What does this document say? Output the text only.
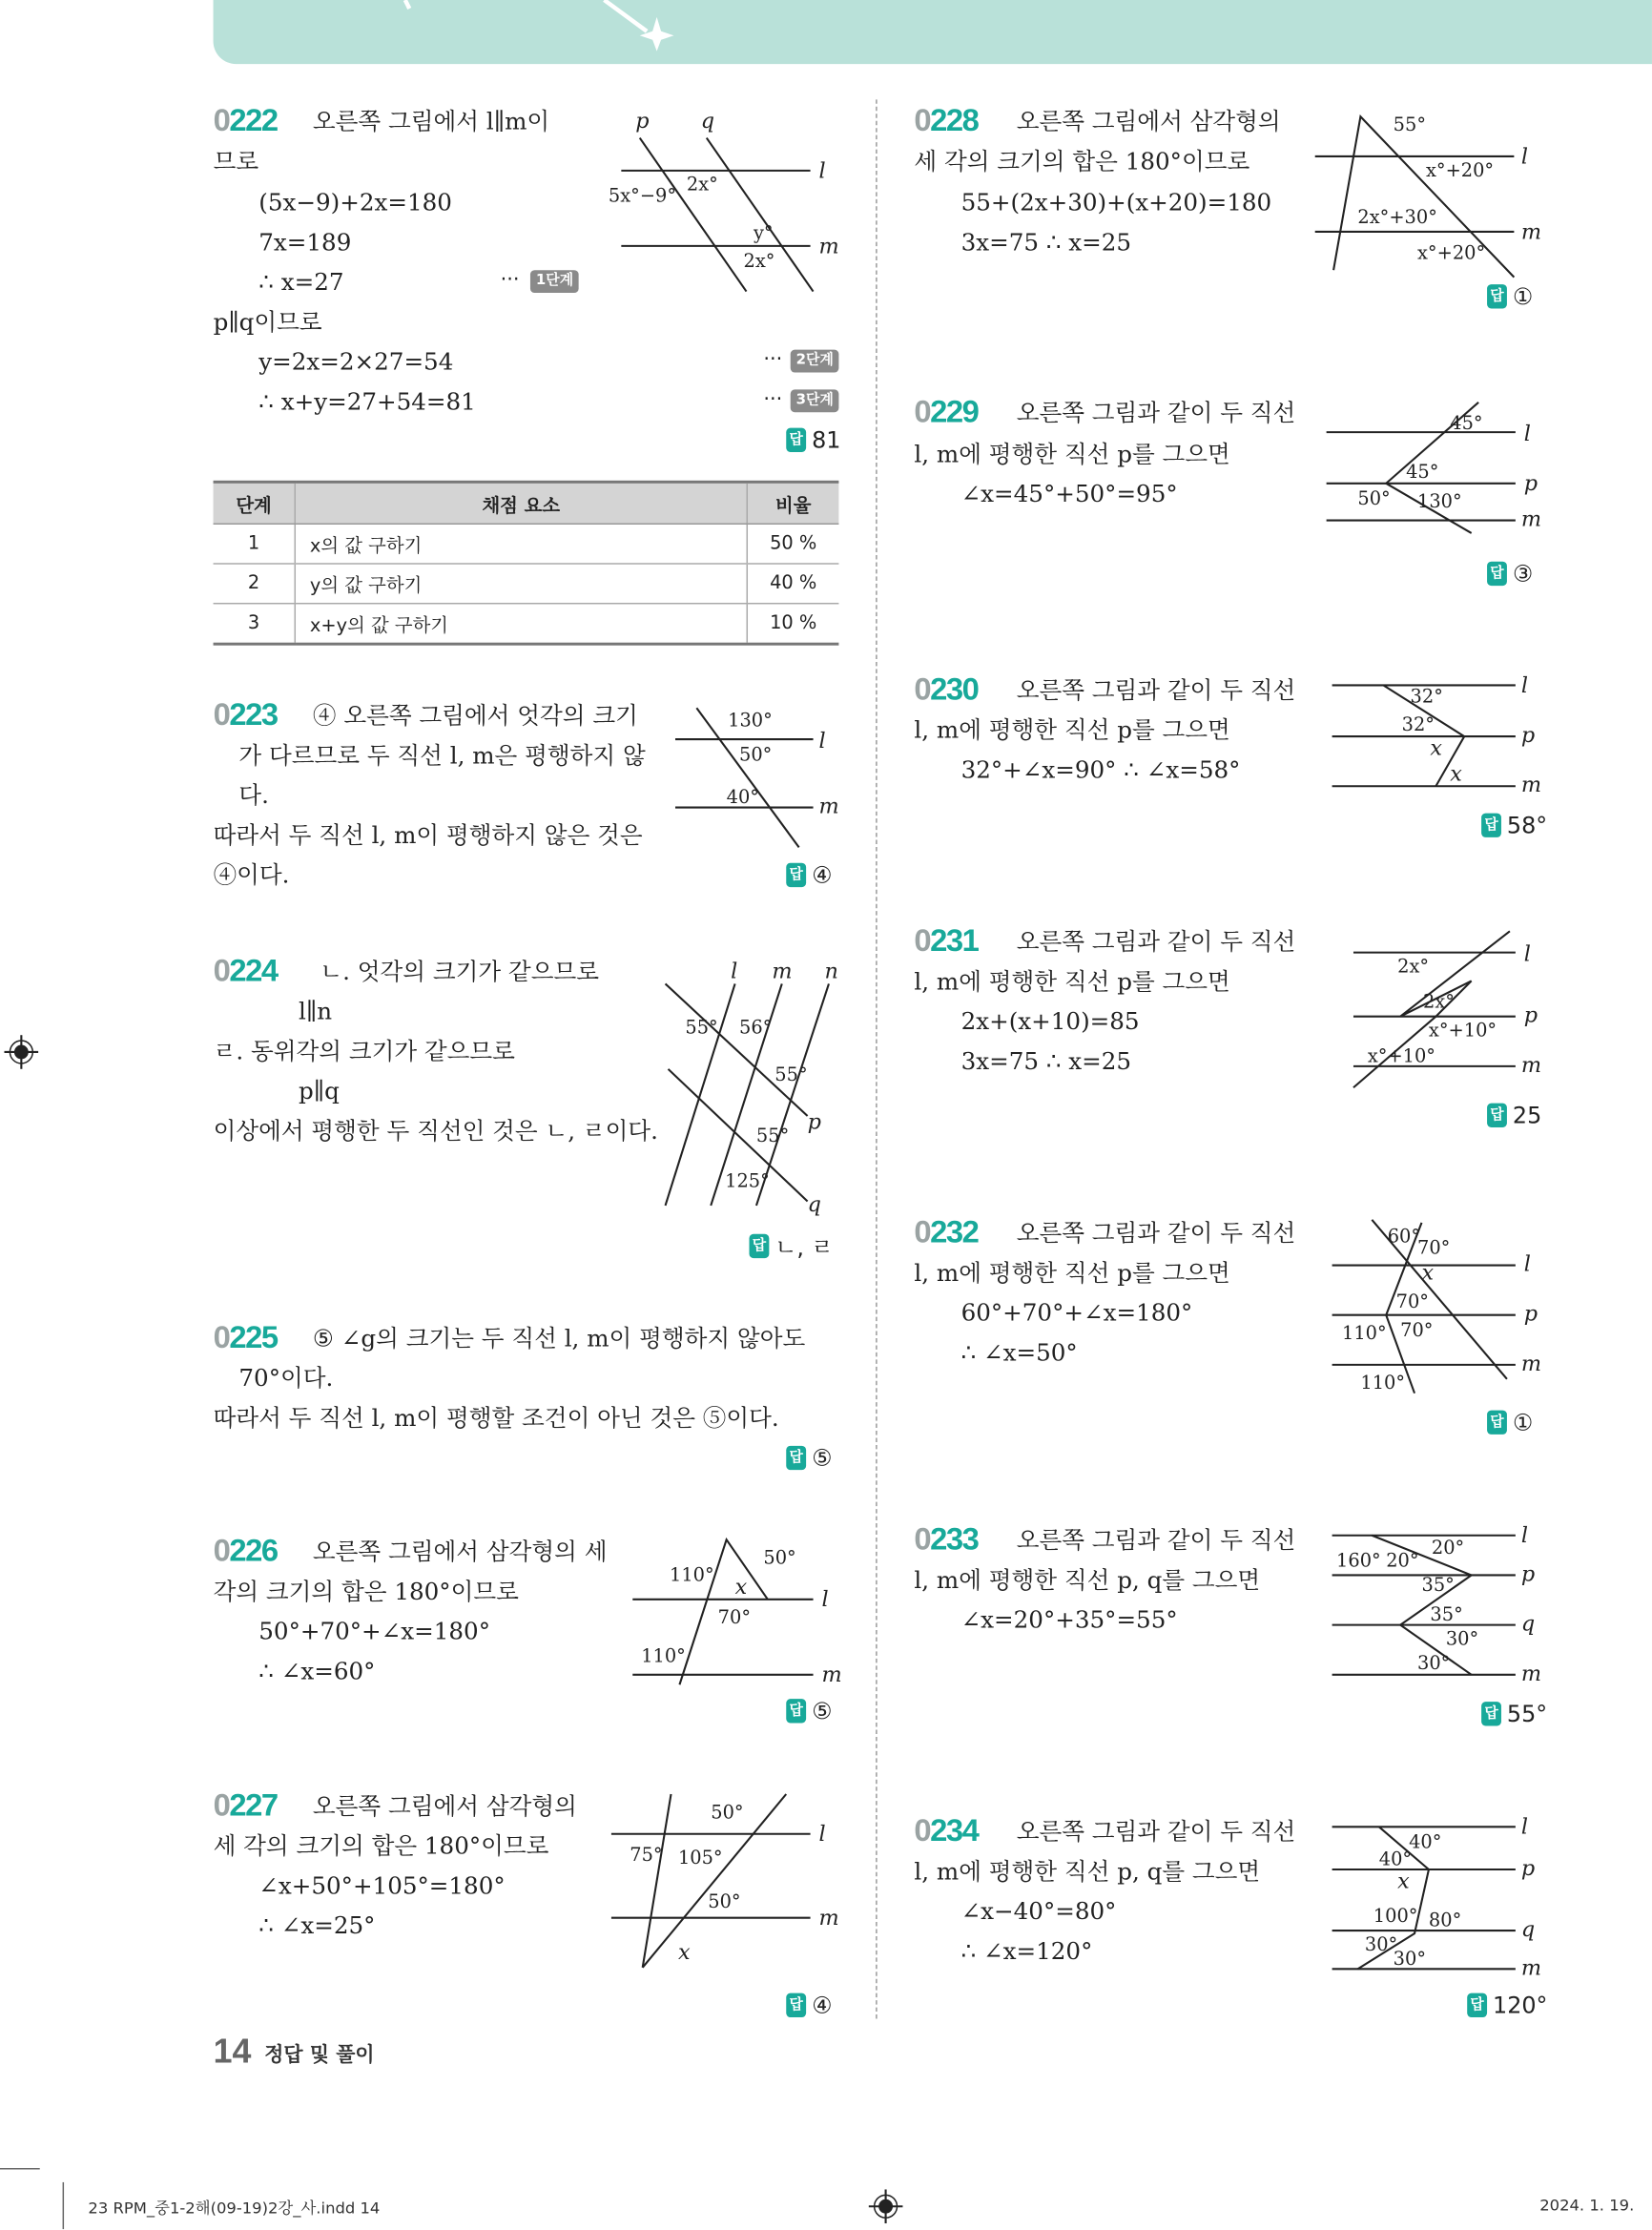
0222 오른쪽 그림에서 l∥m이
므로
(5x−9)+2x=180
7x=189
∴ x=27	···	1단계
p∥q이므로
y=2x=2×27=54	···	2단계
∴ x+y=27+54=81	···	3단계
답 81
p	q
l
m
2x°
5x°−9°
y°
2x°
단계	채점 요소	비율
1	x의 값 구하기	50 %
2	y의 값 구하기	40 %
3	x+y의 값 구하기	10 %
0223 ④ 오른쪽 그림에서 엇각의 크기
가 다르므로 두 직선 l, m은 평행하지 않
다.
따라서 두 직선 l, m이 평행하지 않은 것은
④이다.	답 ④
l
m
130°
50°
40°
0224	ㄴ. 엇각의 크기가 같으므로
l∥n
ㄹ. 동위각의 크기가 같으므로
p∥q
이상에서 평행한 두 직선인 것은 ㄴ, ㄹ이다.
답 ㄴ, ㄹ
l m n
p
q
55° 56°
55°
55°
125°
0225 ⑤ ∠g의 크기는 두 직선 l, m이 평행하지 않아도
70°이다.
따라서 두 직선 l, m이 평행할 조건이 아닌 것은 ⑤이다.
답 ⑤
0226 오른쪽 그림에서 삼각형의 세
각의 크기의 합은 180°이므로
50°+70°+∠x=180°
∴ ∠x=60°
답 ⑤
l
m
110° x
50°
70°
110°
0227 오른쪽 그림에서 삼각형의
세 각의 크기의 합은 180°이므로
∠x+50°+105°=180°
∴ ∠x=25°
답 ④
l
m
50°
75° 105°
50°
x
0228 오른쪽 그림에서 삼각형의
세 각의 크기의 합은 180°이므로
55+(2x+30)+(x+20)=180
3x=75 ∴ x=25
답 ①
l
m
55°
x°+20°
2x°+30°
x°+20°
0229 오른쪽 그림과 같이 두 직선
l, m에 평행한 직선 p를 그으면
∠x=45°+50°=95°
답 ③
l
p
m
45°
45°
50° 130°
0230 오른쪽 그림과 같이 두 직선
l, m에 평행한 직선 p를 그으면
32°+∠x=90° ∴ ∠x=58°
답 58°
l
p
m
32°
32°
x
x
0231 오른쪽 그림과 같이 두 직선
l, m에 평행한 직선 p를 그으면
2x+(x+10)=85
3x=75 ∴ x=25
답 25
l
p
m
2x°
2x°
x°+10°
x°+10°
0232 오른쪽 그림과 같이 두 직선
l, m에 평행한 직선 p를 그으면
60°+70°+∠x=180°
∴ ∠x=50°
답 ①
l
p
m
60°
70°
x
70°
110° 70°
110°
0233 오른쪽 그림과 같이 두 직선
l, m에 평행한 직선 p, q를 그으면
∠x=20°+35°=55°
답 55°
l
p
q
m
160° 20°
20°
35°
35°
30°
30°
0234 오른쪽 그림과 같이 두 직선
l, m에 평행한 직선 p, q를 그으면
∠x−40°=80°
∴ ∠x=120°
답 120°
l
p
q
m
40°
40°
x
100° 80°
30°
30°
14 정답 및 풀이
23 RPM_중1-2해(09-19)2강_사.indd 14	2024. 1. 19.
